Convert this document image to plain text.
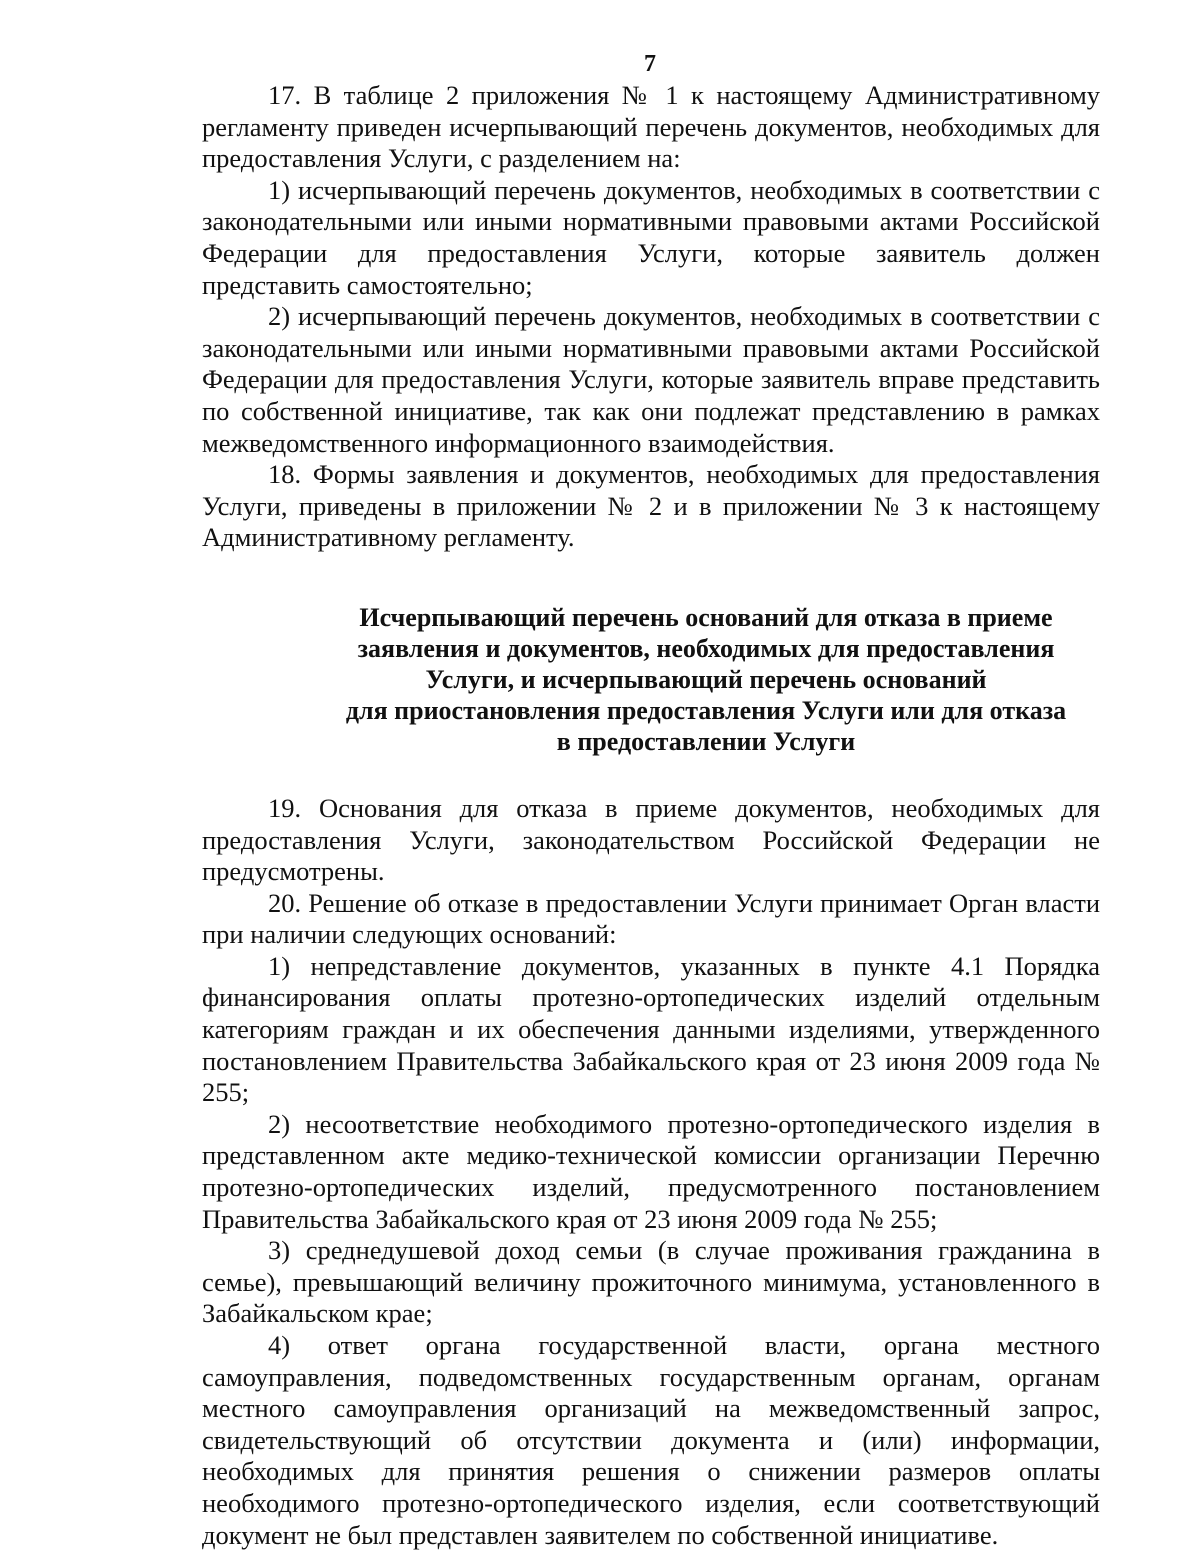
7

17. В таблице 2 приложения № 1 к настоящему Административному регламенту приведен исчерпывающий перечень документов, необходимых для предоставления Услуги, с разделением на:

1) исчерпывающий перечень документов, необходимых в соответствии с законодательными или иными нормативными правовыми актами Российской Федерации для предоставления Услуги, которые заявитель должен представить самостоятельно;

2) исчерпывающий перечень документов, необходимых в соответствии с законодательными или иными нормативными правовыми актами Российской Федерации для предоставления Услуги, которые заявитель вправе представить по собственной инициативе, так как они подлежат представлению в рамках межведомственного информационного взаимодействия.

18. Формы заявления и документов, необходимых для предоставления Услуги, приведены в приложении № 2 и в приложении № 3 к настоящему Административному регламенту.

Исчерпывающий перечень оснований для отказа в приеме
заявления и документов, необходимых для предоставления
Услуги, и исчерпывающий перечень оснований
для приостановления предоставления Услуги или для отказа
в предоставлении Услуги

19. Основания для отказа в приеме документов, необходимых для предоставления Услуги, законодательством Российской Федерации не предусмотрены.

20. Решение об отказе в предоставлении Услуги принимает Орган власти при наличии следующих оснований:

1) непредставление документов, указанных в пункте 4.1 Порядка финансирования оплаты протезно-ортопедических изделий отдельным категориям граждан и их обеспечения данными изделиями, утвержденного постановлением Правительства Забайкальского края от 23 июня 2009 года № 255;

2) несоответствие необходимого протезно-ортопедического изделия в представленном акте медико-технической комиссии организации Перечню протезно-ортопедических изделий, предусмотренного постановлением Правительства Забайкальского края от 23 июня 2009 года № 255;

3) среднедушевой доход семьи (в случае проживания гражданина в семье), превышающий величину прожиточного минимума, установленного в Забайкальском крае;

4) ответ органа государственной власти, органа местного самоуправления, подведомственных государственным органам, органам местного самоуправления организаций на межведомственный запрос, свидетельствующий об отсутствии документа и (или) информации, необходимых для принятия решения о снижении размеров оплаты необходимого протезно-ортопедического изделия, если соответствующий документ не был представлен заявителем по собственной инициативе.
